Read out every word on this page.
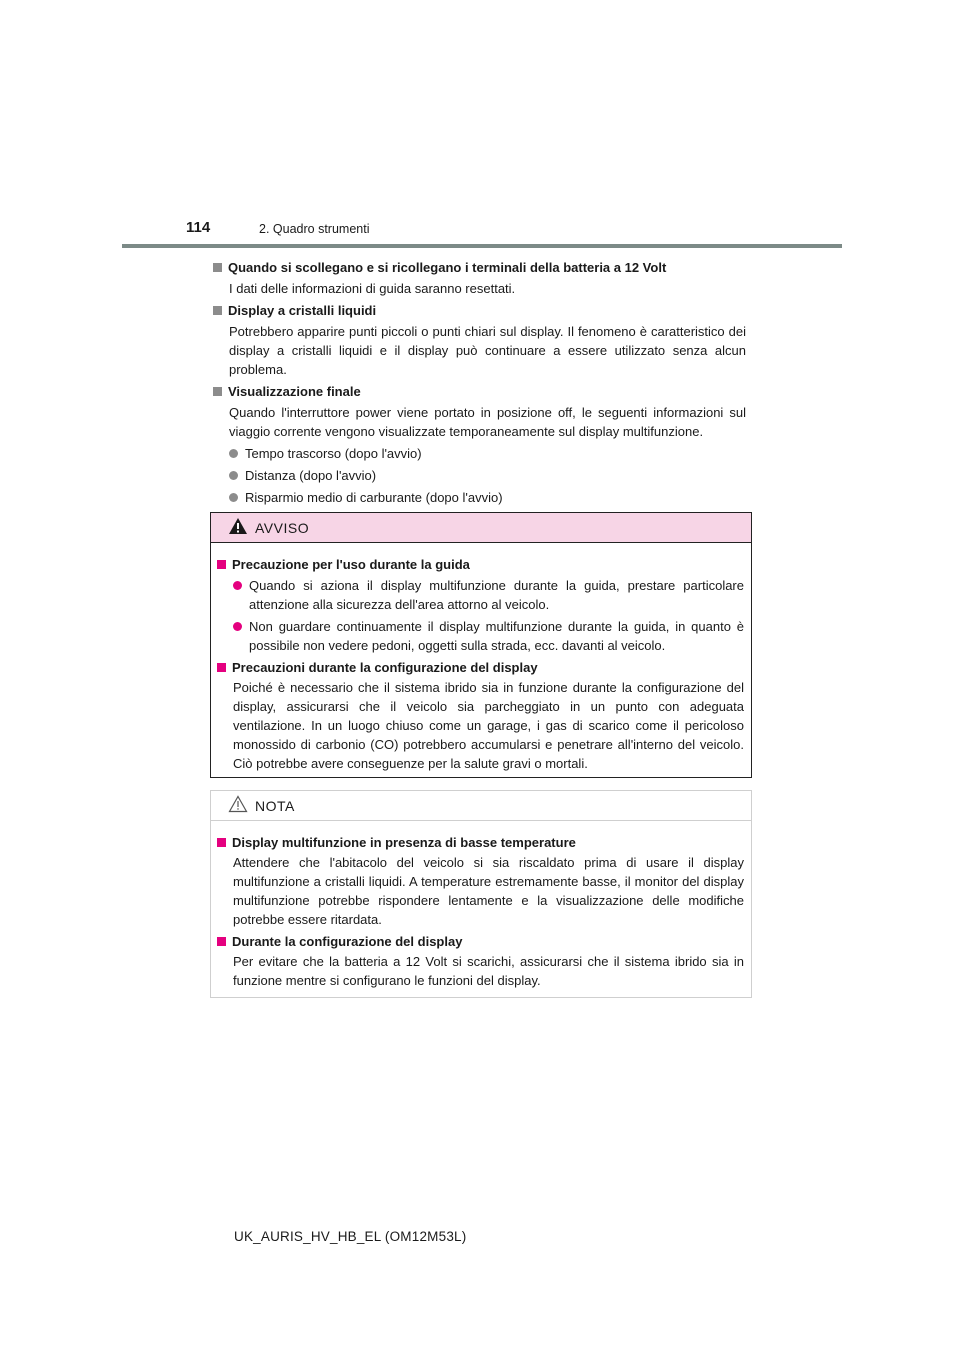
114	2. Quadro strumenti
Quando si scollegano e si ricollegano i terminali della batteria a 12 Volt
I dati delle informazioni di guida saranno resettati.
Display a cristalli liquidi
Potrebbero apparire punti piccoli o punti chiari sul display. Il fenomeno è caratteristico dei display a cristalli liquidi e il display può continuare a essere utilizzato senza alcun problema.
Visualizzazione finale
Quando l'interruttore power viene portato in posizione off, le seguenti informazioni sul viaggio corrente vengono visualizzate temporaneamente sul display multifunzione.
Tempo trascorso (dopo l'avvio)
Distanza (dopo l'avvio)
Risparmio medio di carburante (dopo l'avvio)
AVVISO
Precauzione per l'uso durante la guida
Quando si aziona il display multifunzione durante la guida, prestare particolare attenzione alla sicurezza dell'area attorno al veicolo.
Non guardare continuamente il display multifunzione durante la guida, in quanto è possibile non vedere pedoni, oggetti sulla strada, ecc. davanti al veicolo.
Precauzioni durante la configurazione del display
Poiché è necessario che il sistema ibrido sia in funzione durante la configurazione del display, assicurarsi che il veicolo sia parcheggiato in un punto con adeguata ventilazione. In un luogo chiuso come un garage, i gas di scarico come il pericoloso monossido di carbonio (CO) potrebbero accumularsi e penetrare all'interno del veicolo. Ciò potrebbe avere conseguenze per la salute gravi o mortali.
NOTA
Display multifunzione in presenza di basse temperature
Attendere che l'abitacolo del veicolo si sia riscaldato prima di usare il display multifunzione a cristalli liquidi. A temperature estremamente basse, il monitor del display multifunzione potrebbe rispondere lentamente e la visualizzazione delle modifiche potrebbe essere ritardata.
Durante la configurazione del display
Per evitare che la batteria a 12 Volt si scarichi, assicurarsi che il sistema ibrido sia in funzione mentre si configurano le funzioni del display.
UK_AURIS_HV_HB_EL (OM12M53L)
